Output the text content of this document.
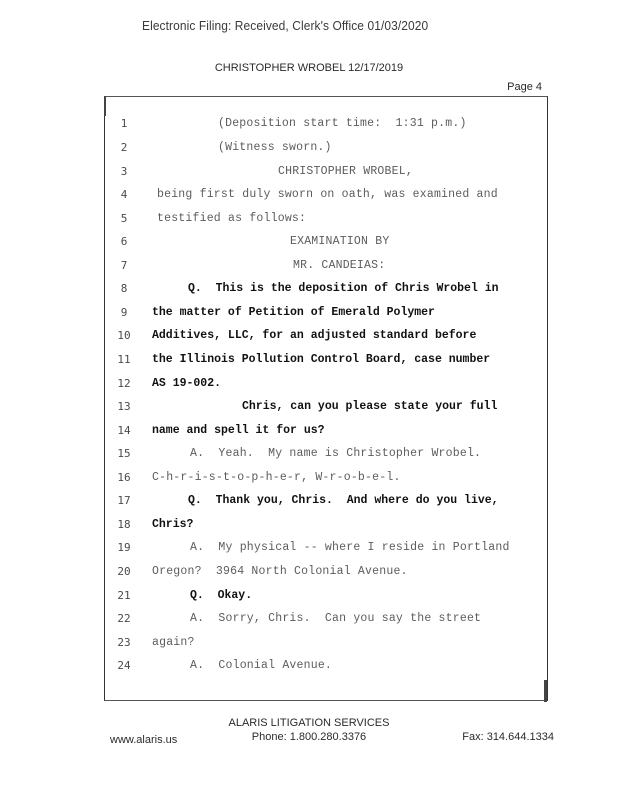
Electronic Filing: Received, Clerk's Office 01/03/2020
CHRISTOPHER WROBEL 12/17/2019
Page 4
1	(Deposition start time:  1:31 p.m.)
2	(Witness sworn.)
3	CHRISTOPHER WROBEL,
4	being first duly sworn on oath, was examined and
5	testified as follows:
6	EXAMINATION BY
7	MR. CANDEIAS:
8	Q.  This is the deposition of Chris Wrobel in
9	the matter of Petition of Emerald Polymer
10	Additives, LLC, for an adjusted standard before
11	the Illinois Pollution Control Board, case number
12	AS 19-002.
13	Chris, can you please state your full
14	name and spell it for us?
15	A.  Yeah.  My name is Christopher Wrobel.
16	C-h-r-i-s-t-o-p-h-e-r, W-r-o-b-e-l.
17	Q.  Thank you, Chris.  And where do you live,
18	Chris?
19	A.  My physical -- where I reside in Portland
20	Oregon?  3964 North Colonial Avenue.
21	Q.  Okay.
22	A.  Sorry, Chris.  Can you say the street
23	again?
24	A.  Colonial Avenue.
ALARIS LITIGATION SERVICES
www.alaris.us	Phone: 1.800.280.3376	Fax: 314.644.1334
